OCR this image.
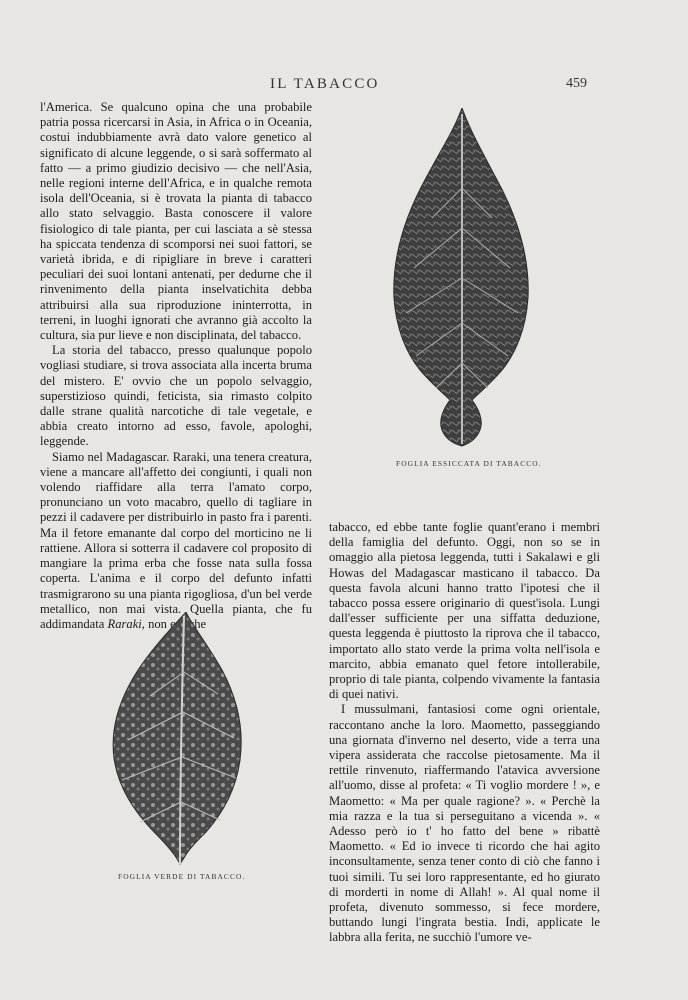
IL TABACCO	459

l'America. Se qualcuno opina che una probabile patria possa ricercarsi in Asia, in Africa o in Oceania, costui indubbiamente avrà dato valore genetico al significato di alcune leggende, o si sarà soffermato al fatto — a primo giudizio decisivo — che nell'Asia, nelle regioni interne dell'Africa, e in qualche remota isola dell'Oceania, si è trovata la pianta di tabacco allo stato selvaggio. Basta conoscere il valore fisiologico di tale pianta, per cui lasciata a sè stessa ha spiccata tendenza di scomporsi nei suoi fattori, se varietà ibrida, e di ripigliare in breve i caratteri peculiari dei suoi lontani antenati, per dedurne che il rinvenimento della pianta inselvatichita debba attribuirsi alla sua riproduzione ininterrotta, in terreni, in luoghi ignorati che avranno già accolto la cultura, sia pur lieve e non disciplinata, del tabacco.

La storia del tabacco, presso qualunque popolo vogliasi studiare, si trova associata alla incerta bruma del mistero. E' ovvio che un popolo selvaggio, superstizioso quindi, feticista, sia rimasto colpito dalle strane qualità narcotiche di tale vegetale, e abbia creato intorno ad esso, favole, apologhi, leggende.

Siamo nel Madagascar. Raraki, una tenera creatura, viene a mancare all'affetto dei congiunti, i quali non volendo riaffidare alla terra l'amato corpo, pronunciano un voto macabro, quello di tagliare in pezzi il cadavere per distribuirlo in pasto fra i parenti. Ma il fetore emanante dal corpo del morticino ne li rattiene. Allora si sotterra il cadavere col proposito di mangiare la prima erba che fosse nata sulla fossa coperta. L'anima e il corpo del defunto infatti trasmigrarono su una pianta rigogliosa, d'un bel verde metallico, non mai vista. Quella pianta, che fu addimandata Raraki, non era che

FOGLIA ESSICCATA DI TABACCO.
FOGLIA VERDE DI TABACCO.

tabacco, ed ebbe tante foglie quant'erano i membri della famiglia del defunto. Oggi, non so se in omaggio alla pietosa leggenda, tutti i Sakalawi e gli Howas del Madagascar masticano il tabacco. Da questa favola alcuni hanno tratto l'ipotesi che il tabacco possa essere originario di quest'isola. Lungi dall'esser sufficiente per una siffatta deduzione, questa leggenda è piuttosto la riprova che il tabacco, importato allo stato verde la prima volta nell'isola e marcito, abbia emanato quel fetore intollerabile, proprio di tale pianta, colpendo vivamente la fantasia di quei nativi.

I mussulmani, fantasiosi come ogni orientale, raccontano anche la loro. Maometto, passeggiando una giornata d'inverno nel deserto, vide a terra una vipera assiderata che raccolse pietosamente. Ma il rettile rinvenuto, riaffermando l'atavica avversione all'uomo, disse al profeta: « Ti voglio mordere ! », e Maometto: « Ma per quale ragione? ». « Perchè la mia razza e la tua si perseguitano a vicenda ». « Adesso però io t' ho fatto del bene » ribattè Maometto. « Ed io invece ti ricordo che hai agito inconsultamente, senza tener conto di ciò che fanno i tuoi simili. Tu sei loro rappresentante, ed ho giurato di morderti in nome di Allah! ». Al qual nome il profeta, divenuto sommesso, si fece mordere, buttando lungi l'ingrata bestia. Indi, applicate le labbra alla ferita, ne succhiò l'umore ve-
